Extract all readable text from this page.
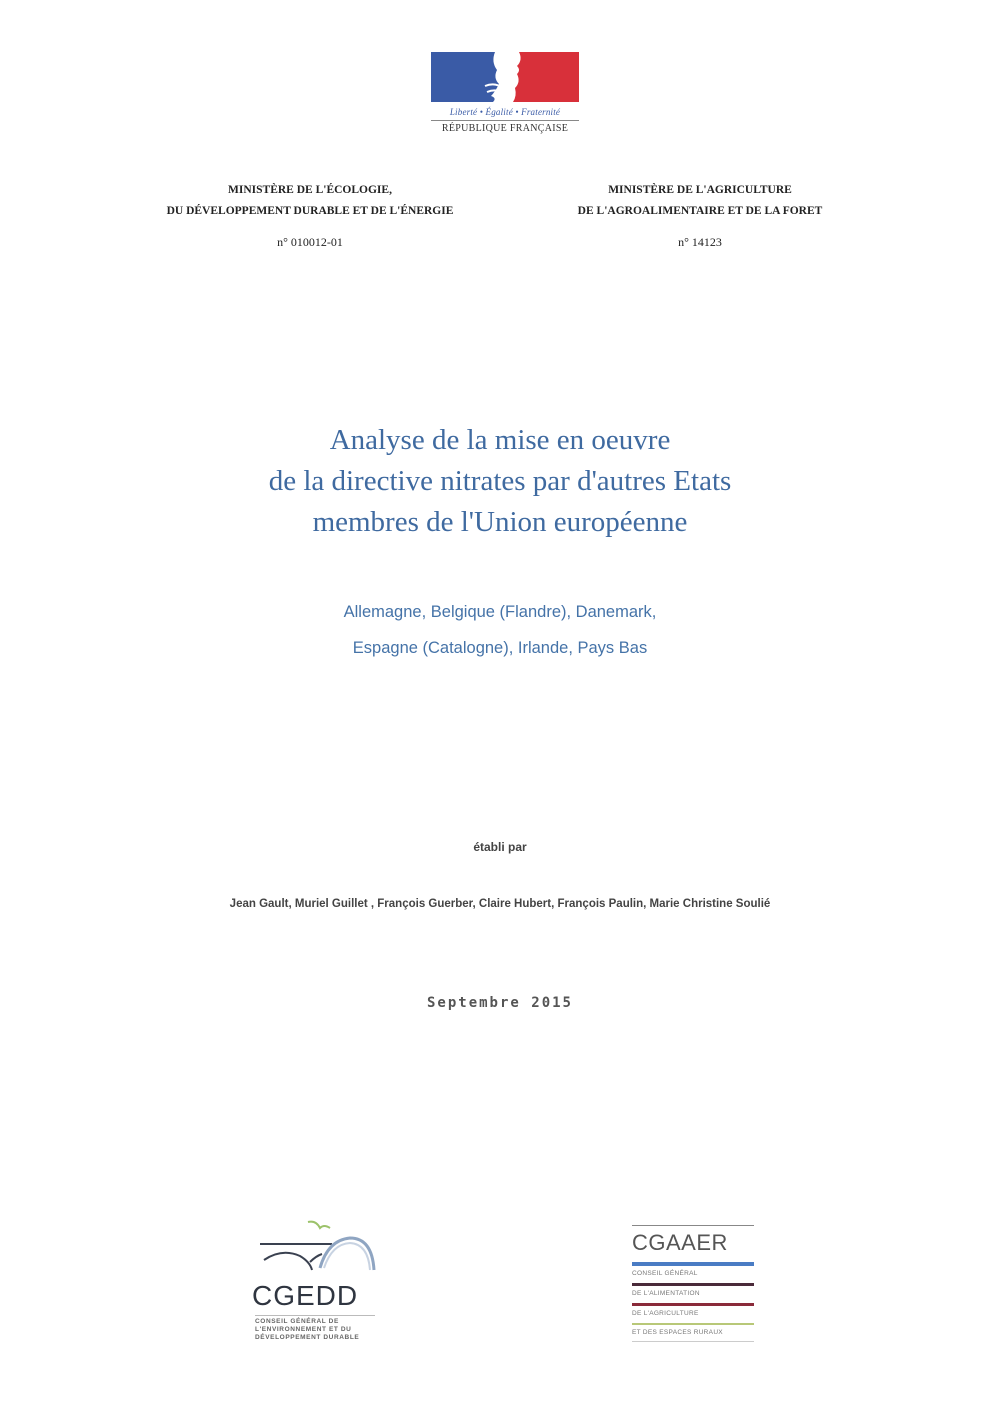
Liberté • Égalité • Fraternité
RÉPUBLIQUE FRANÇAISE
MINISTÈRE DE L'ÉCOLOGIE,
DU DÉVELOPPEMENT DURABLE ET DE L'ÉNERGIE
n° 010012-01
MINISTÈRE DE L'AGRICULTURE
DE L'AGROALIMENTAIRE ET DE LA FORET
n° 14123
Analyse de la mise en oeuvre
de la directive nitrates par d'autres Etats
membres de l'Union européenne
Allemagne, Belgique (Flandre), Danemark,
Espagne (Catalogne), Irlande, Pays Bas
établi par
Jean Gault, Muriel Guillet , François Guerber, Claire Hubert, François Paulin, Marie Christine Soulié
Septembre 2015
CGEDD
CONSEIL GÉNÉRAL DE
L'ENVIRONNEMENT ET DU
DÉVELOPPEMENT DURABLE
CGAAER
CONSEIL GÉNÉRAL
DE L'ALIMENTATION
DE L'AGRICULTURE
ET DES ESPACES RURAUX
